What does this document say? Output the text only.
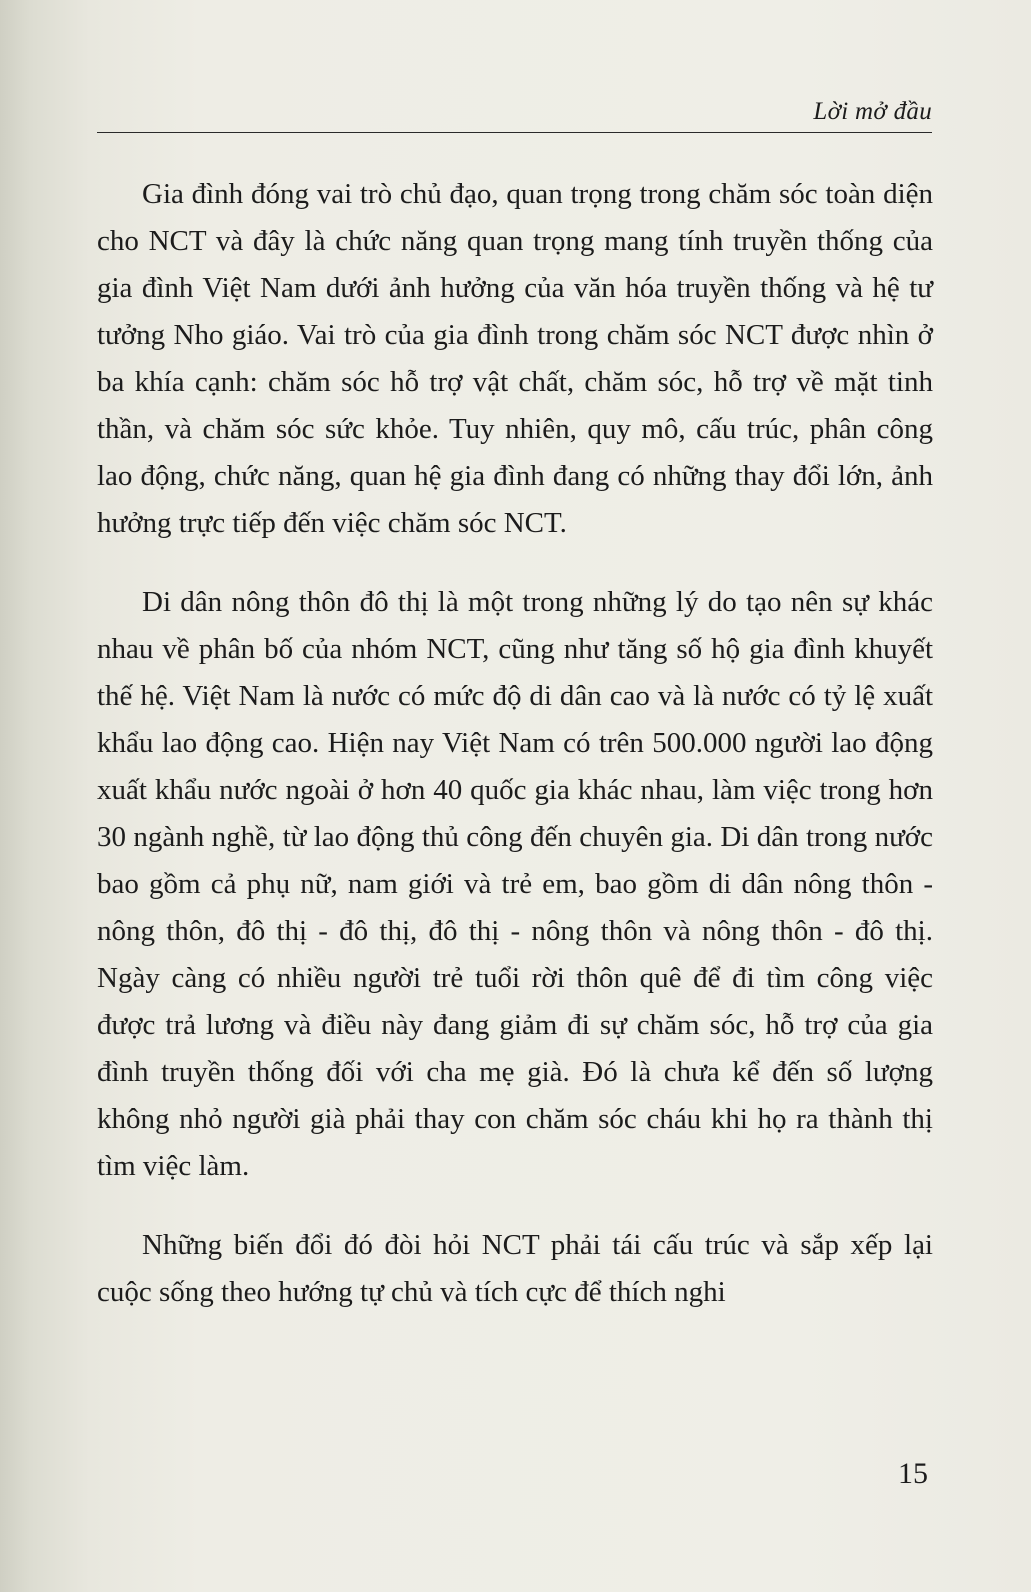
Lời mở đầu

Gia đình đóng vai trò chủ đạo, quan trọng trong chăm sóc toàn diện cho NCT và đây là chức năng quan trọng mang tính truyền thống của gia đình Việt Nam dưới ảnh hưởng của văn hóa truyền thống và hệ tư tưởng Nho giáo. Vai trò của gia đình trong chăm sóc NCT được nhìn ở ba khía cạnh: chăm sóc hỗ trợ vật chất, chăm sóc, hỗ trợ về mặt tinh thần, và chăm sóc sức khỏe. Tuy nhiên, quy mô, cấu trúc, phân công lao động, chức năng, quan hệ gia đình đang có những thay đổi lớn, ảnh hưởng trực tiếp đến việc chăm sóc NCT.

Di dân nông thôn đô thị là một trong những lý do tạo nên sự khác nhau về phân bố của nhóm NCT, cũng như tăng số hộ gia đình khuyết thế hệ. Việt Nam là nước có mức độ di dân cao và là nước có tỷ lệ xuất khẩu lao động cao. Hiện nay Việt Nam có trên 500.000 người lao động xuất khẩu nước ngoài ở hơn 40 quốc gia khác nhau, làm việc trong hơn 30 ngành nghề, từ lao động thủ công đến chuyên gia. Di dân trong nước bao gồm cả phụ nữ, nam giới và trẻ em, bao gồm di dân nông thôn - nông thôn, đô thị - đô thị, đô thị - nông thôn và nông thôn - đô thị. Ngày càng có nhiều người trẻ tuổi rời thôn quê để đi tìm công việc được trả lương và điều này đang giảm đi sự chăm sóc, hỗ trợ của gia đình truyền thống đối với cha mẹ già. Đó là chưa kể đến số lượng không nhỏ người già phải thay con chăm sóc cháu khi họ ra thành thị tìm việc làm.

Những biến đổi đó đòi hỏi NCT phải tái cấu trúc và sắp xếp lại cuộc sống theo hướng tự chủ và tích cực để thích nghi

15
